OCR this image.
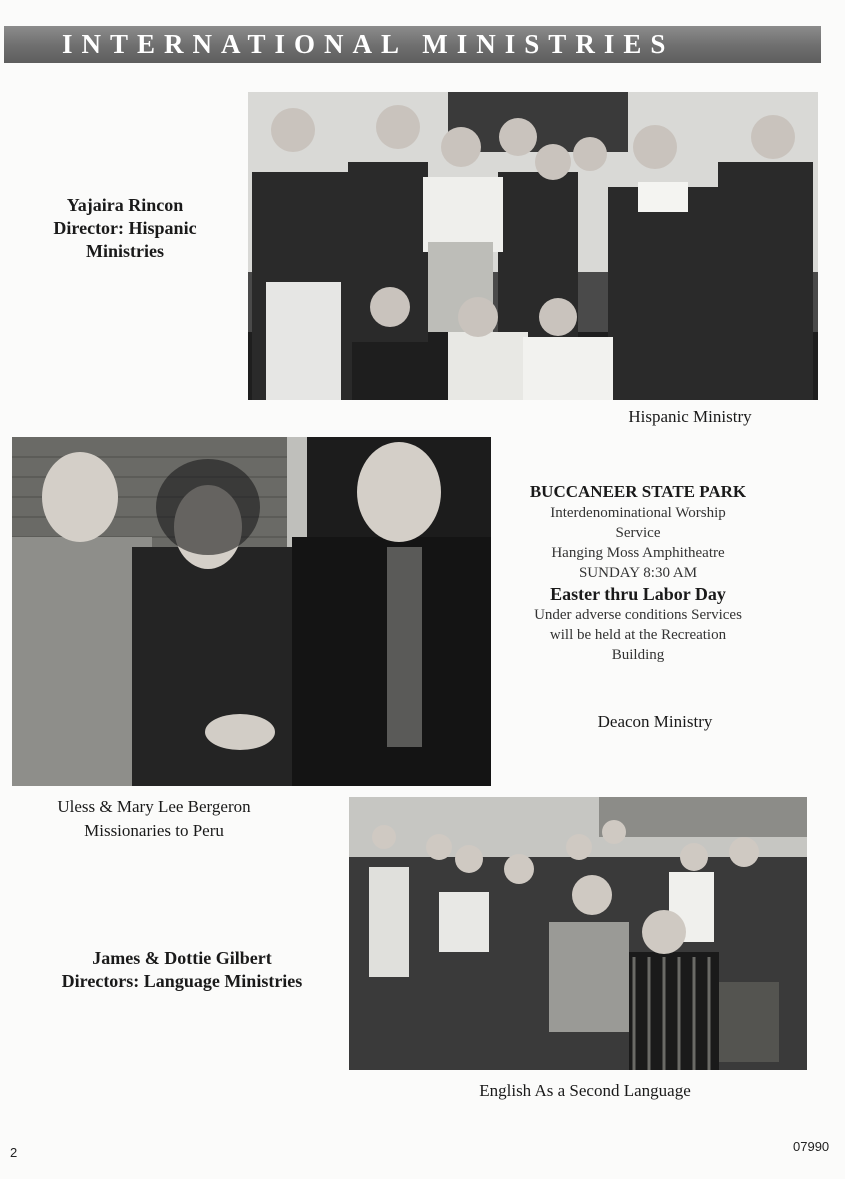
INTERNATIONAL MINISTRIES
Hispanic Ministry
Yajaira Rincon
Director: Hispanic Ministries
Uless & Mary Lee Bergeron
Missionaries to Peru
BUCCANEER STATE PARK
Interdenominational Worship
Service
Hanging Moss Amphitheatre
SUNDAY 8:30 AM
Easter thru Labor Day
Under adverse conditions Services
will be held at the Recreation
Building
Deacon Ministry
English As a Second Language
James & Dottie Gilbert
Directors: Language Ministries
2	07990
